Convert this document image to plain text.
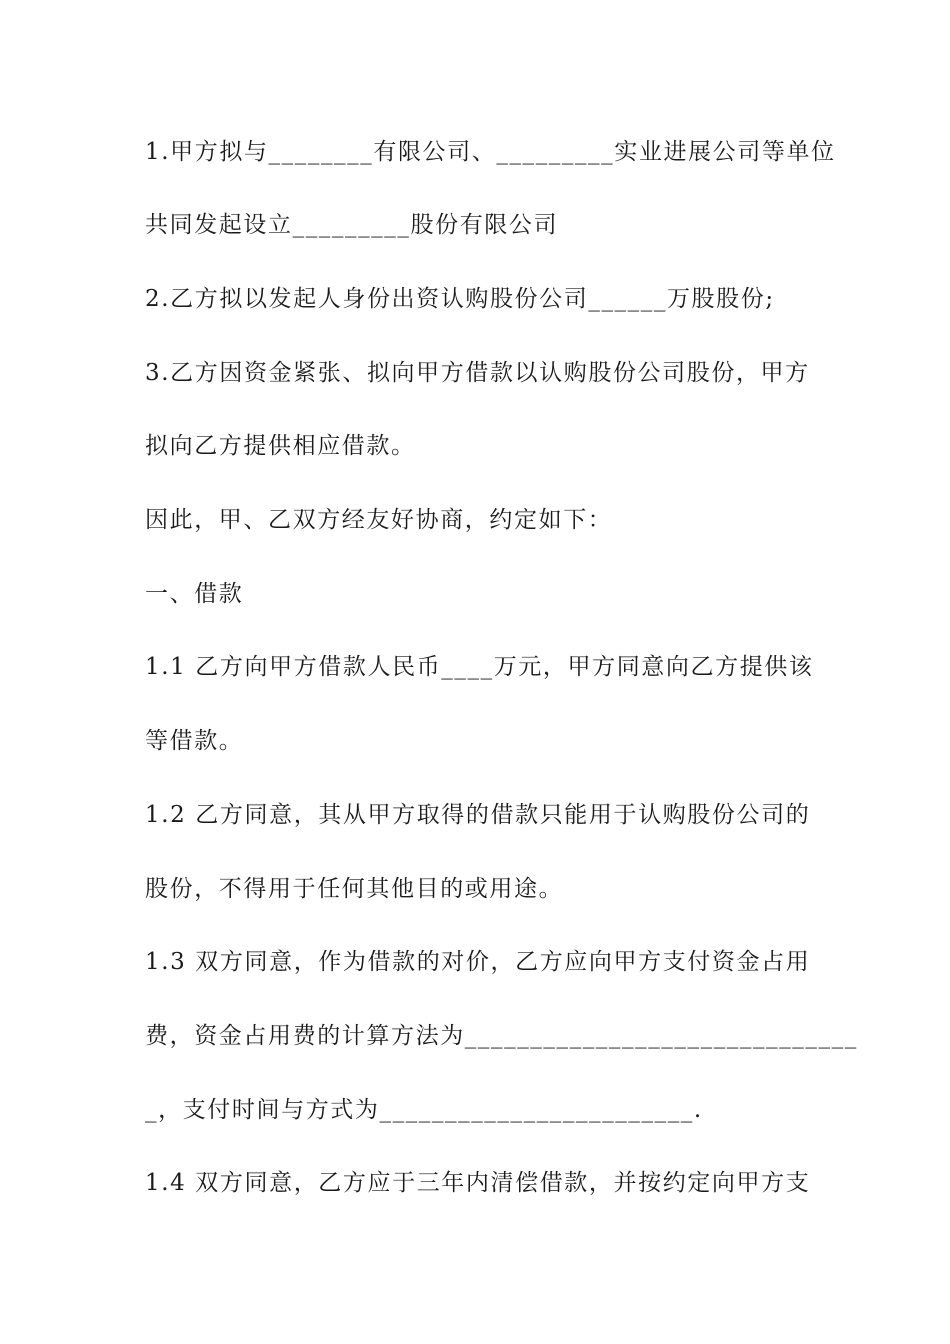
1.甲方拟与________有限公司、_________实业进展公司等单位
共同发起设立_________股份有限公司
2.乙方拟以发起人身份出资认购股份公司______万股股份;
3.乙方因资金紧张、拟向甲方借款以认购股份公司股份，甲方
拟向乙方提供相应借款。
因此，甲、乙双方经友好协商，约定如下：
一、借款
1.1 乙方向甲方借款人民币____万元，甲方同意向乙方提供该
等借款。
1.2 乙方同意，其从甲方取得的借款只能用于认购股份公司的
股份，不得用于任何其他目的或用途。
1.3 双方同意，作为借款的对价，乙方应向甲方支付资金占用
费，资金占用费的计算方法为______________________________
_，支付时间与方式为________________________.
1.4 双方同意，乙方应于三年内清偿借款，并按约定向甲方支
